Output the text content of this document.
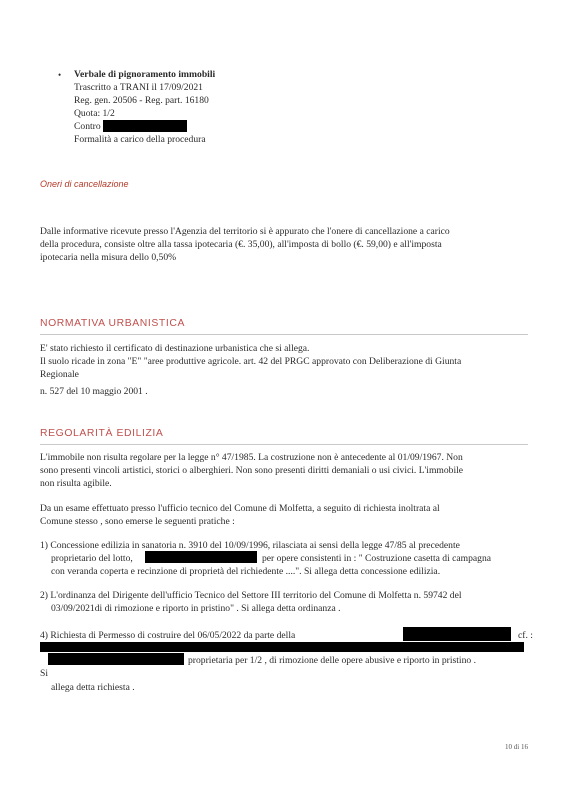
• Verbale di pignoramento immobili
Trascritto a TRANI il 17/09/2021
Reg. gen. 20506 - Reg. part. 16180
Quota: 1/2
Contro
Formalità a carico della procedura
Oneri di cancellazione
Dalle informative ricevute presso l'Agenzia del territorio si è appurato che l'onere di cancellazione a carico
della procedura, consiste oltre alla tassa ipotecaria (€. 35,00), all'imposta di bollo (€. 59,00) e all'imposta
ipotecaria nella misura dello 0,50%
NORMATIVA URBANISTICA
E' stato richiesto il certificato di destinazione urbanistica che si allega.
Il suolo ricade in zona "E" "aree produttive agricole. art. 42 del PRGC approvato con Deliberazione di Giunta
Regionale
n. 527 del 10 maggio 2001 .
REGOLARITÀ EDILIZIA
L'immobile non risulta regolare per la legge n° 47/1985. La costruzione non è antecedente al 01/09/1967. Non
sono presenti vincoli artistici, storici o alberghieri. Non sono presenti diritti demaniali o usi civici. L'immobile
non risulta agibile.
Da un esame effettuato presso l'ufficio tecnico del Comune di Molfetta, a seguito di richiesta inoltrata al
Comune stesso , sono emerse le seguenti pratiche :
1) Concessione edilizia in sanatoria n. 3910 del 10/09/1996, rilasciata ai sensi della legge 47/85 al precedente
proprietario del lotto,	per opere consistenti in : " Costruzione casetta di campagna
con veranda coperta e recinzione di proprietà del richiedente ....". Si allega detta concessione edilizia.
2) L'ordinanza del Dirigente dell'ufficio Tecnico del Settore III territorio del Comune di Molfetta n. 59742 del
03/09/2021di di rimozione e riporto in pristino" . Si allega detta ordinanza .
4) Richiesta di Permesso di costruire del 06/05/2022 da parte della	cf. :
proprietaria per 1/2 , di rimozione delle opere abusive e riporto in pristino .
Si
allega detta richiesta .
10 di 16
